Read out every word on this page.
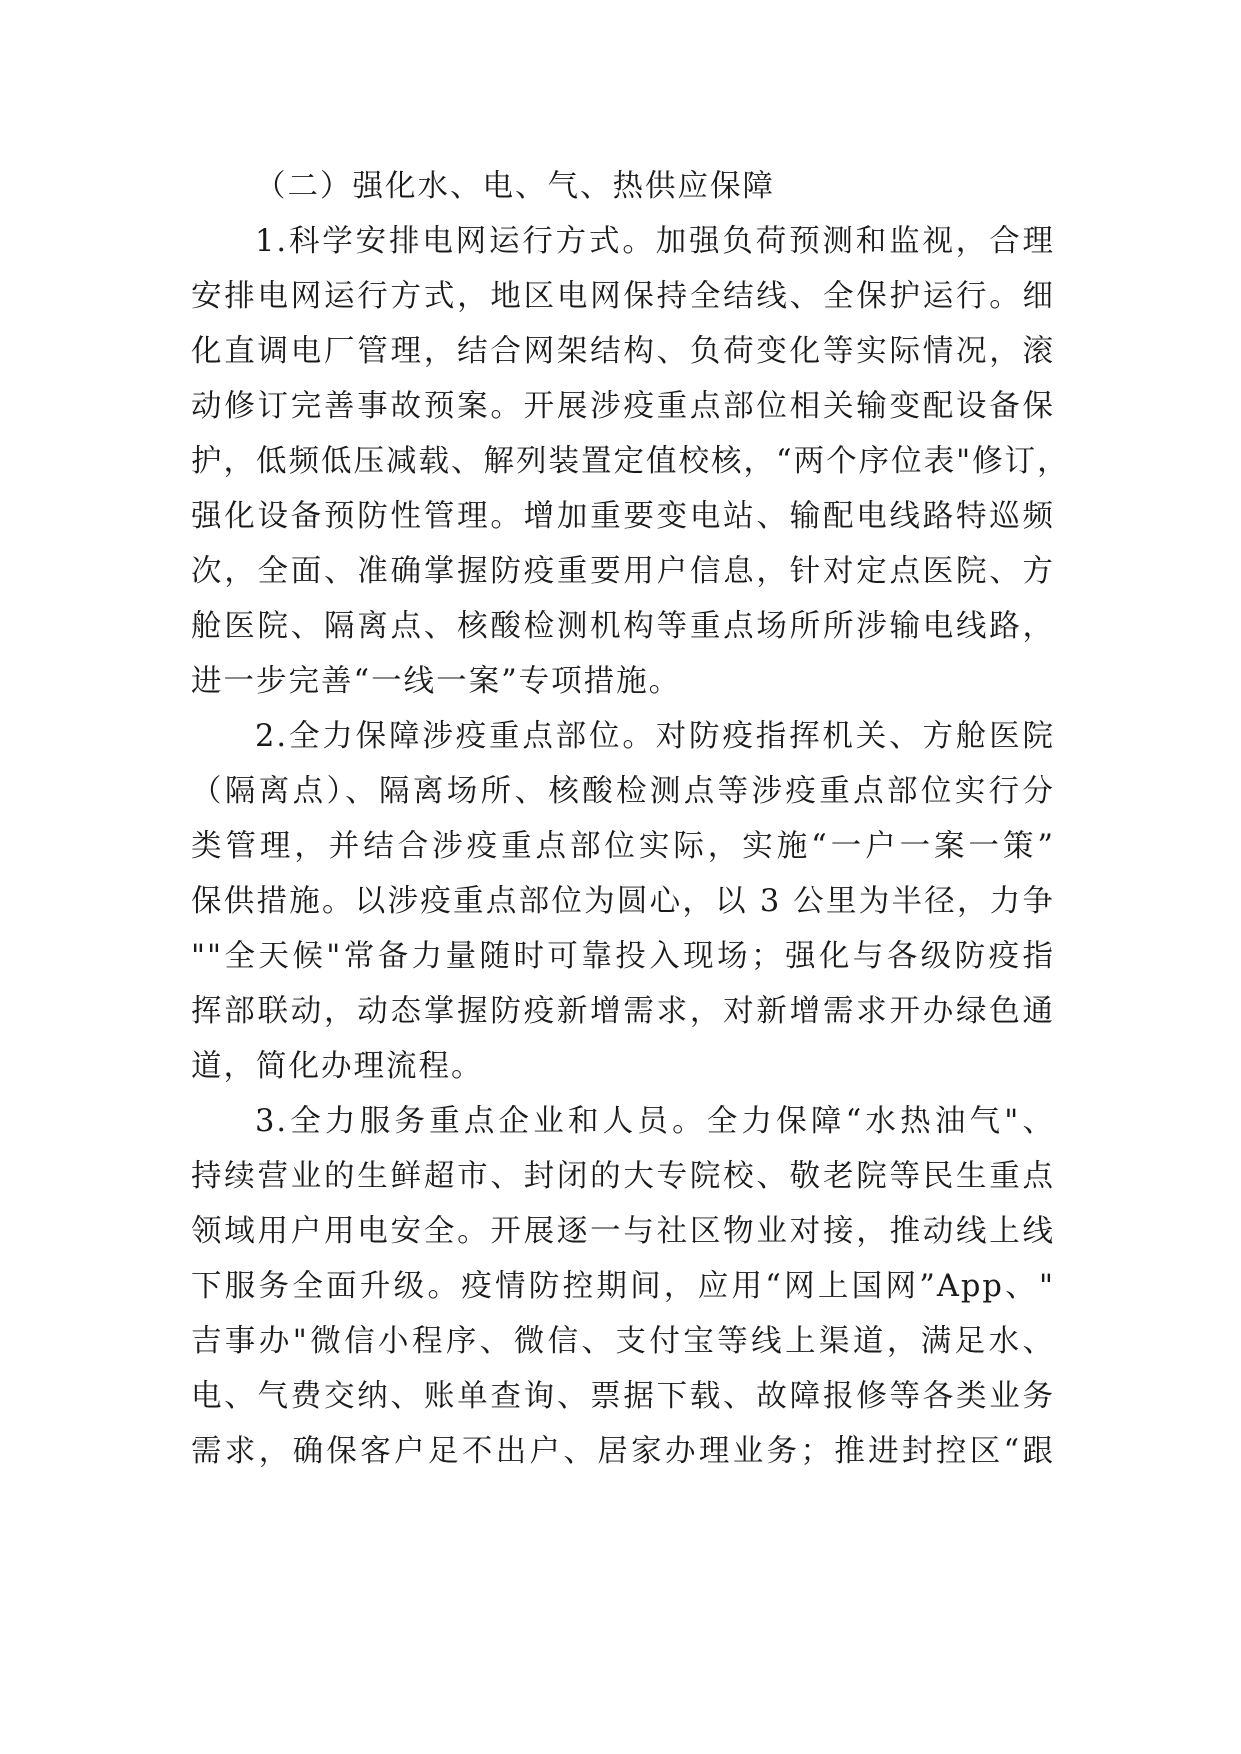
（二）强化水、电、气、热供应保障
1.科学安排电网运行方式。加强负荷预测和监视，合理
安排电网运行方式，地区电网保持全结线、全保护运行。细
化直调电厂管理，结合网架结构、负荷变化等实际情况，滚
动修订完善事故预案。开展涉疫重点部位相关输变配设备保
护，低频低压减载、解列装置定值校核，“两个序位表"修订，
强化设备预防性管理。增加重要变电站、输配电线路特巡频
次，全面、准确掌握防疫重要用户信息，针对定点医院、方
舱医院、隔离点、核酸检测机构等重点场所所涉输电线路，
进一步完善“一线一案”专项措施。
2.全力保障涉疫重点部位。对防疫指挥机关、方舱医院
（隔离点）、隔离场所、核酸检测点等涉疫重点部位实行分
类管理，并结合涉疫重点部位实际，实施“一户一案一策”
保供措施。以涉疫重点部位为圆心，以 3 公里为半径，力争
""全天候"常备力量随时可靠投入现场；强化与各级防疫指
挥部联动，动态掌握防疫新增需求，对新增需求开办绿色通
道，简化办理流程。
3.全力服务重点企业和人员。全力保障“水热油气"、
持续营业的生鲜超市、封闭的大专院校、敬老院等民生重点
领域用户用电安全。开展逐一与社区物业对接，推动线上线
下服务全面升级。疫情防控期间，应用“网上国网”App、"
吉事办"微信小程序、微信、支付宝等线上渠道，满足水、
电、气费交纳、账单查询、票据下载、故障报修等各类业务
需求，确保客户足不出户、居家办理业务；推进封控区“跟
